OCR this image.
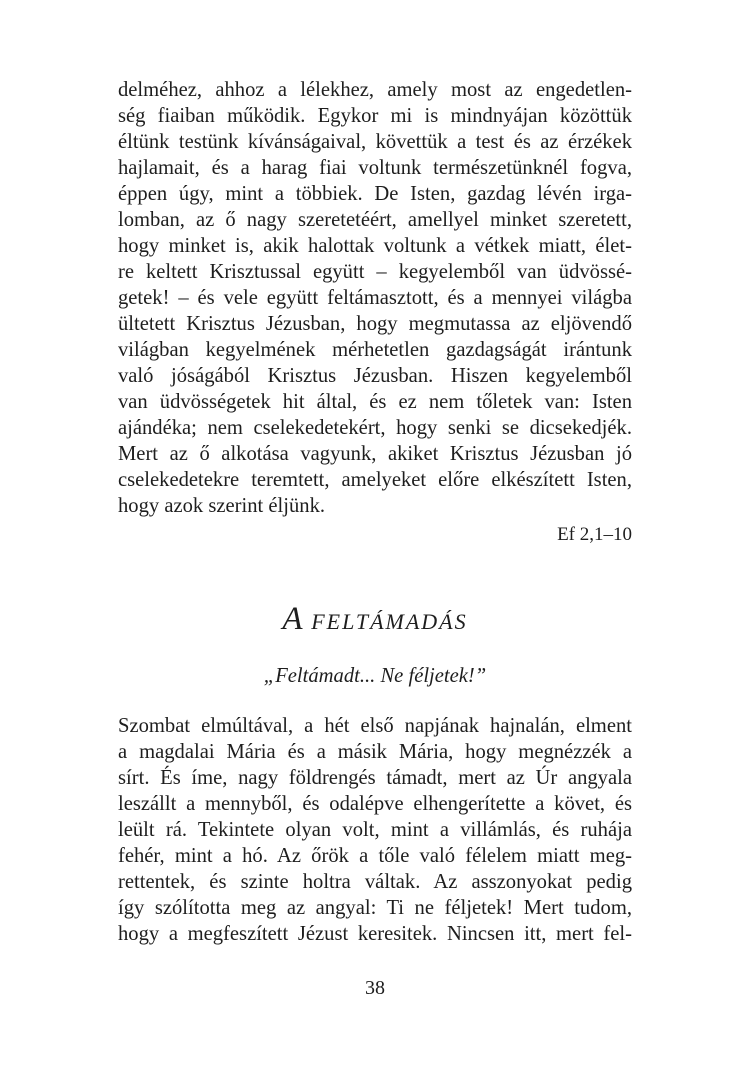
delméhez, ahhoz a lélekhez, amely most az engedetlen-
ség fiaiban működik. Egykor mi is mindnyájan közöttük
éltünk testünk kívánságaival, követtük a test és az érzékek
hajlamait, és a harag fiai voltunk természetünknél fogva,
éppen úgy, mint a többiek. De Isten, gazdag lévén irga-
lomban, az ő nagy szeretetéért, amellyel minket szeretett,
hogy minket is, akik halottak voltunk a vétkek miatt, élet-
re keltett Krisztussal együtt – kegyelemből van üdvössé-
getek! – és vele együtt feltámasztott, és a mennyei világba
ültetett Krisztus Jézusban, hogy megmutassa az eljövendő
világban kegyelmének mérhetetlen gazdagságát irántunk
való jóságából Krisztus Jézusban. Hiszen kegyelemből
van üdvösségetek hit által, és ez nem tőletek van: Isten
ajándéka; nem cselekedetekért, hogy senki se dicsekedjék.
Mert az ő alkotása vagyunk, akiket Krisztus Jézusban jó
cselekedetekre teremtett, amelyeket előre elkészített Isten,
hogy azok szerint éljünk.
Ef 2,1–10
A FELTÁMADÁS
„Feltámadt... Ne féljetek!”
Szombat elmúltával, a hét első napjának hajnalán, elment
a magdalai Mária és a másik Mária, hogy megnézzék a
sírt. És íme, nagy földrengés támadt, mert az Úr angyala
leszállt a mennyből, és odalépve elhengerítette a követ, és
leült rá. Tekintete olyan volt, mint a villámlás, és ruhája
fehér, mint a hó. Az őrök a tőle való félelem miatt meg-
rettentek, és szinte holtra váltak. Az asszonyokat pedig
így szólította meg az angyal: Ti ne féljetek! Mert tudom,
hogy a megfeszített Jézust keresitek. Nincsen itt, mert fel-
38
